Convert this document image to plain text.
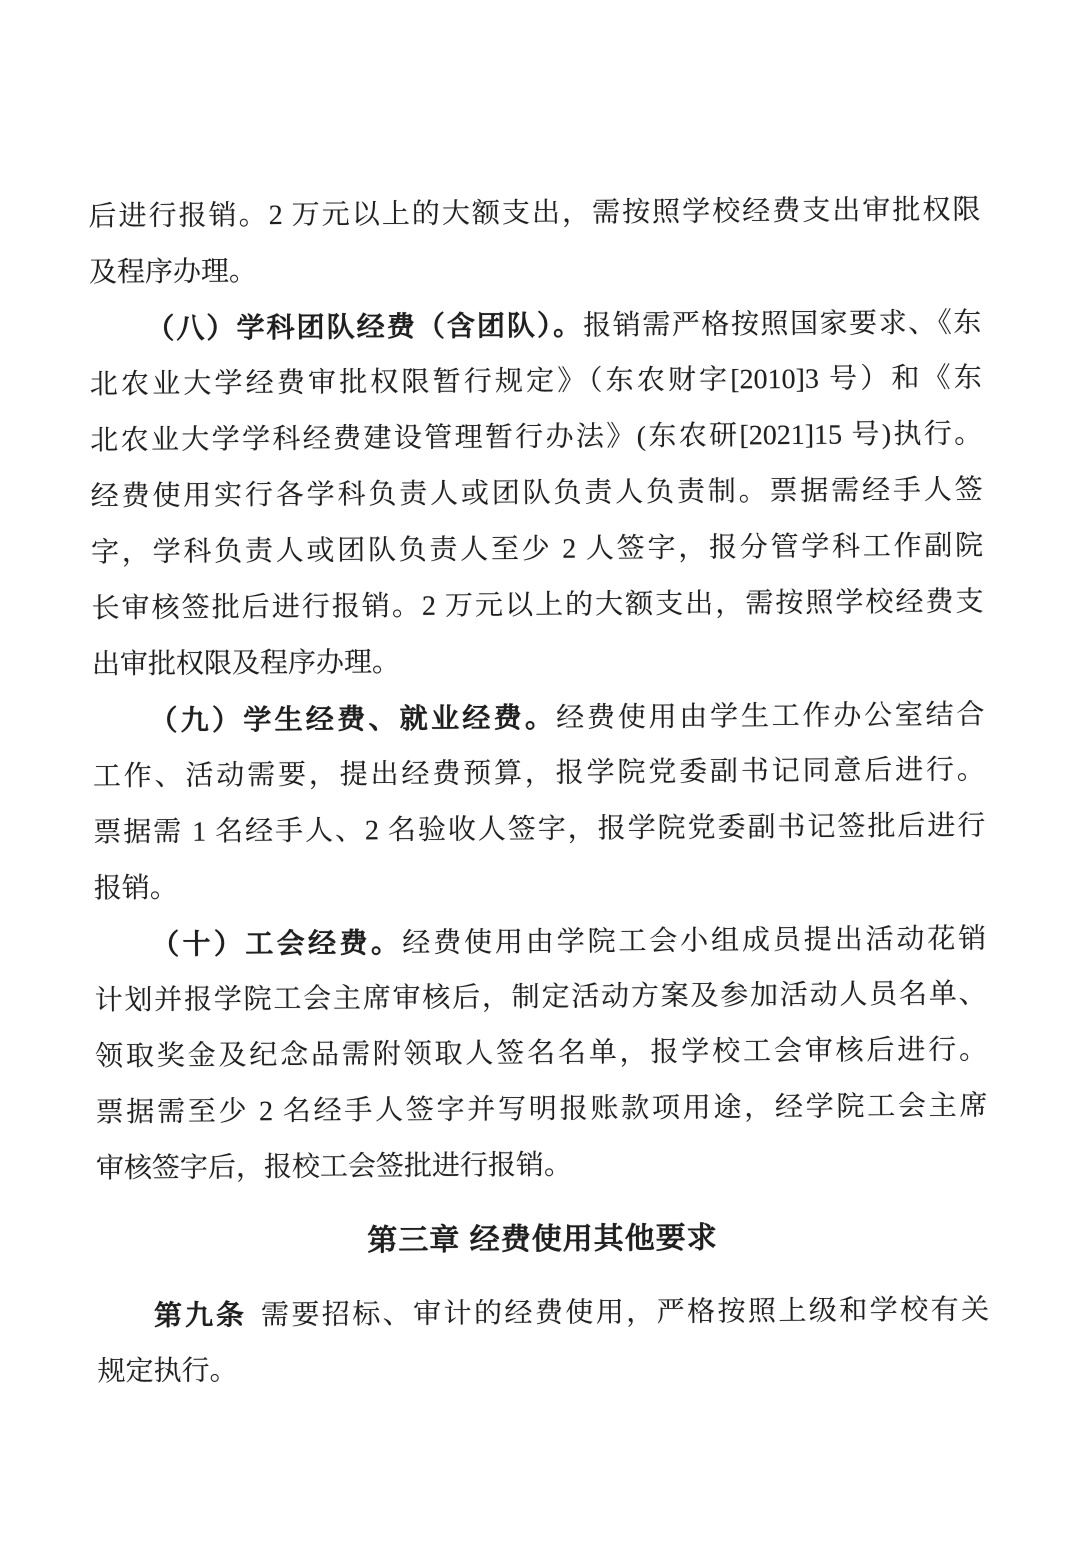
后进行报销。2 万元以上的大额支出，需按照学校经费支出审批权限
及程序办理。
（八）学科团队经费（含团队）。报销需严格按照国家要求、《东
北农业大学经费审批权限暂行规定》（东农财字[2010]3 号）和《东
北农业大学学科经费建设管理暂行办法》(东农研[2021]15 号)执行。
经费使用实行各学科负责人或团队负责人负责制。票据需经手人签
字，学科负责人或团队负责人至少 2 人签字，报分管学科工作副院
长审核签批后进行报销。2 万元以上的大额支出，需按照学校经费支
出审批权限及程序办理。
（九）学生经费、就业经费。经费使用由学生工作办公室结合
工作、活动需要，提出经费预算，报学院党委副书记同意后进行。
票据需 1 名经手人、2 名验收人签字，报学院党委副书记签批后进行
报销。
（十）工会经费。经费使用由学院工会小组成员提出活动花销
计划并报学院工会主席审核后，制定活动方案及参加活动人员名单、
领取奖金及纪念品需附领取人签名名单，报学校工会审核后进行。
票据需至少 2 名经手人签字并写明报账款项用途，经学院工会主席
审核签字后，报校工会签批进行报销。
第三章 经费使用其他要求
第九条 需要招标、审计的经费使用，严格按照上级和学校有关
规定执行。
